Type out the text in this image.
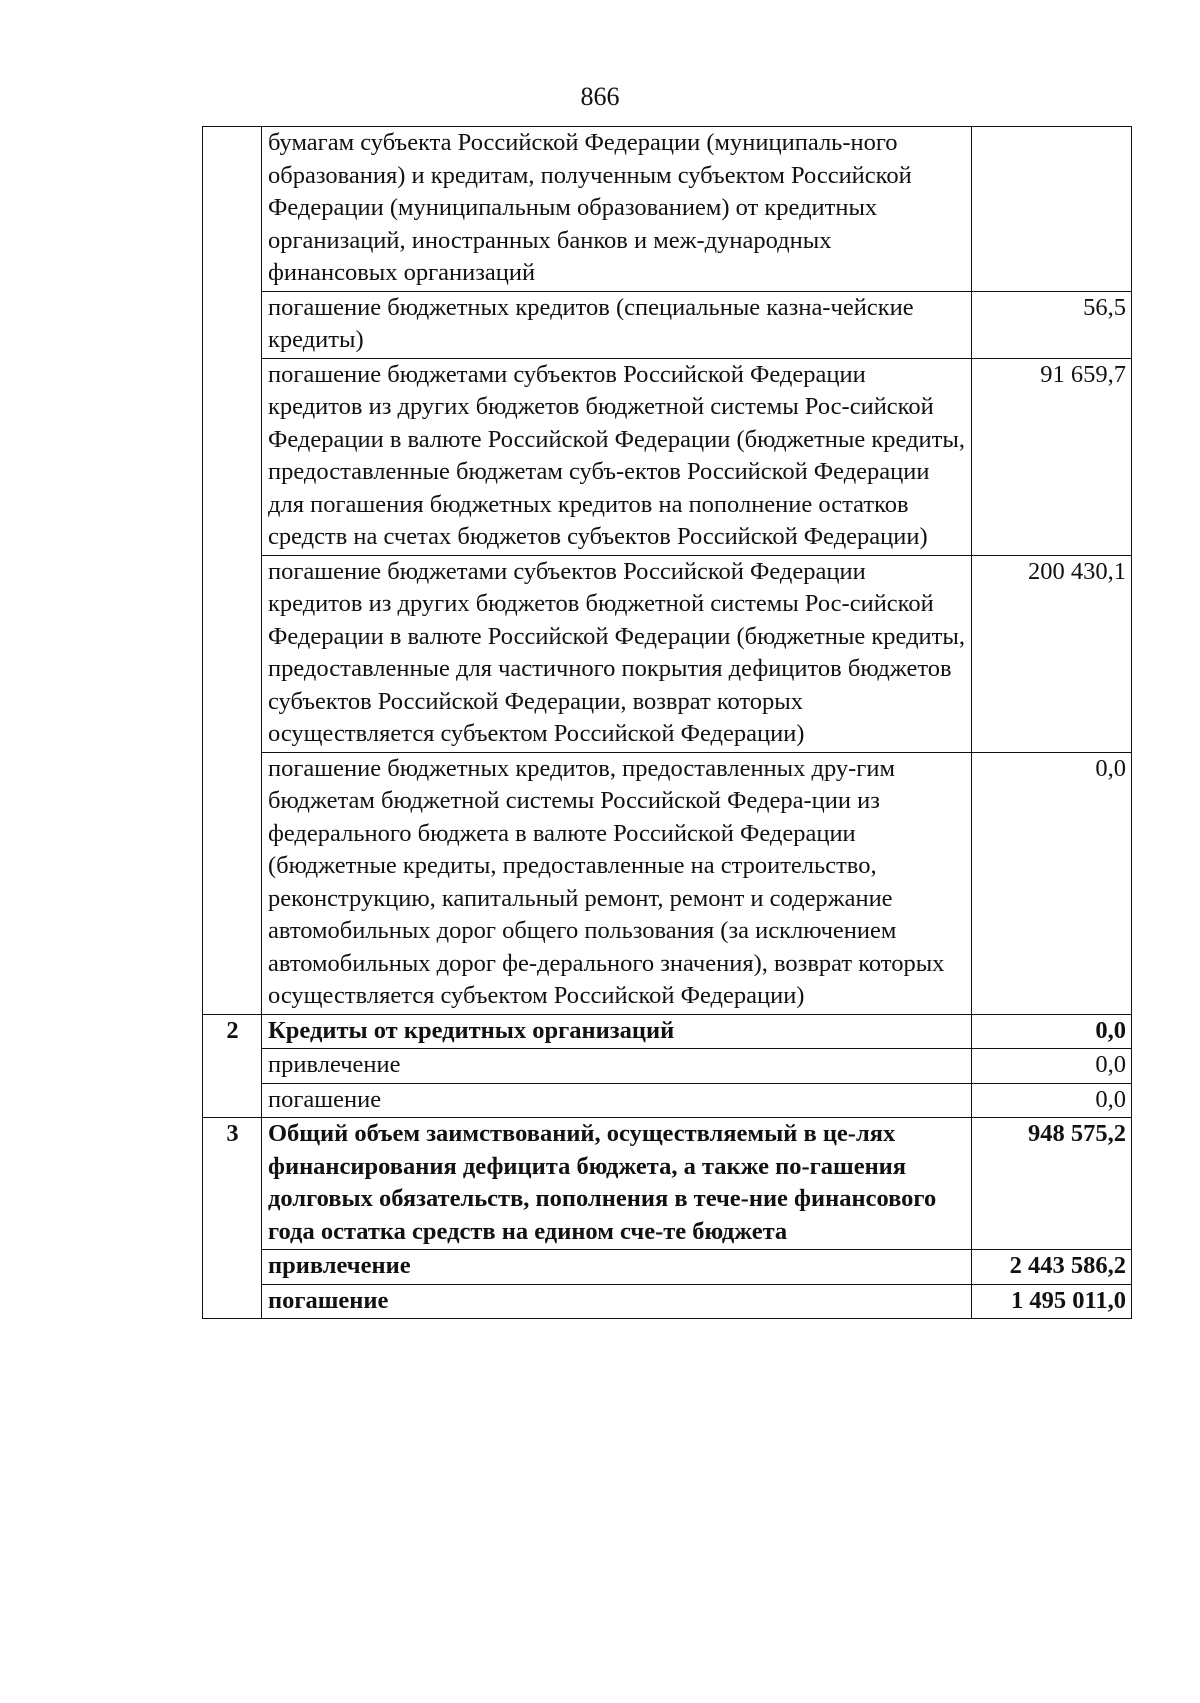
866
	бумагам субъекта Российской Федерации (муниципаль-ного образования) и кредитам, полученным субъектом Российской Федерации (муниципальным образованием) от кредитных организаций, иностранных банков и меж-дународных финансовых организаций	
	погашение бюджетных кредитов (специальные казна-чейские кредиты)	56,5
	погашение бюджетами субъектов Российской Федерации кредитов из других бюджетов бюджетной системы Рос-сийской Федерации в валюте Российской Федерации (бюджетные кредиты, предоставленные бюджетам субъ-ектов Российской Федерации для погашения бюджетных кредитов на пополнение остатков средств на счетах бюджетов субъектов Российской Федерации)	91 659,7
	погашение бюджетами субъектов Российской Федерации кредитов из других бюджетов бюджетной системы Рос-сийской Федерации в валюте Российской Федерации (бюджетные кредиты, предоставленные для частичного покрытия дефицитов бюджетов субъектов Российской Федерации, возврат которых осуществляется субъектом Российской Федерации)	200 430,1
	погашение бюджетных кредитов, предоставленных дру-гим бюджетам бюджетной системы Российской Федера-ции из федерального бюджета в валюте Российской Федерации (бюджетные кредиты, предоставленные на строительство, реконструкцию, капитальный ремонт, ремонт и содержание автомобильных дорог общего пользования (за исключением автомобильных дорог фе-дерального значения), возврат которых осуществляется субъектом Российской Федерации)	0,0
2	Кредиты от кредитных организаций	0,0
	привлечение	0,0
	погашение	0,0
3	Общий объем заимствований, осуществляемый в це-лях финансирования дефицита бюджета, а также по-гашения долговых обязательств, пополнения в тече-ние финансового года остатка средств на едином сче-те бюджета	948 575,2
	привлечение	2 443 586,2
	погашение	1 495 011,0
